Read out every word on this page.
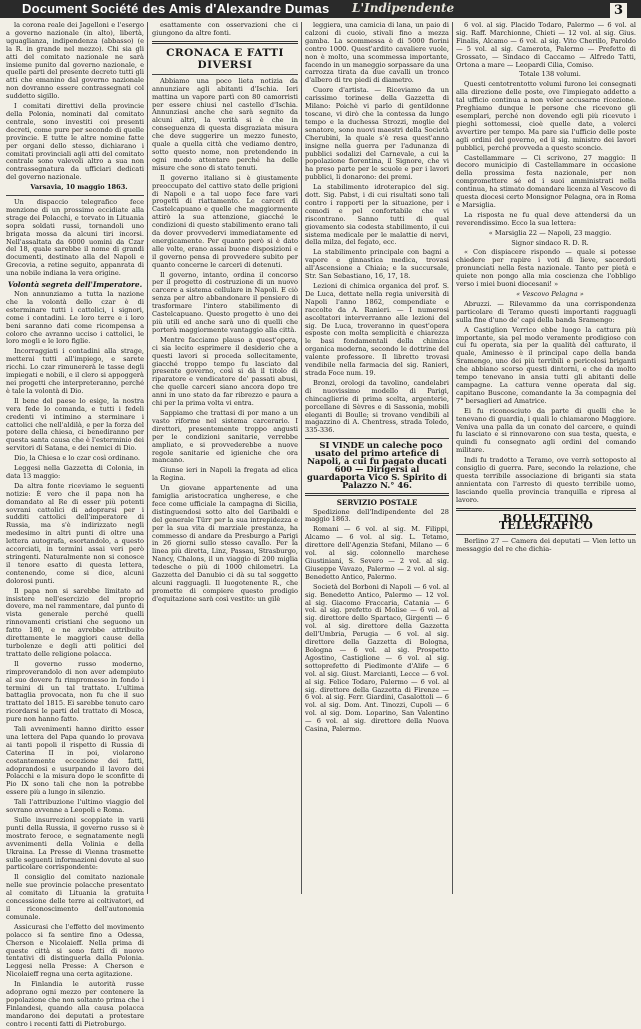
Document Société des Amis d'Alexandre Dumas L'Indipendente	3

la corona reale dei Jagelloni e l'esergo a governo nazionale (in alto), libertà, uguaglianza, indipendenza (abbasso) (e la R. in grande nel mezzo). Chi sia gli atti del comitato nazionale ne sarà insieme punito dal governo nazionale, e quelle parti del presente decreto tutti gli atti che emanino dal governo nazionale non dovranno essere contrassegnati col suddetto sigillo.

I comitati direttivi della provincie della Polonia, nominati dal comitato centrale, sono investiti coi presenti decreti, come pure per secondo di quelle provincie. E tutte le altre nomine fatte per organi dello stesso, dichiarano i comitati provinciali agli atti del comitato centrale sono valevoli altro a sua non contrassegnatura da ufficiari dedicati del governo nazionale.

Varsavia, 10 maggio 1863.

Un dispaccio telegrafico fece menzione di un prossimo eccidiate alla strage dei Polacchi, e torvato in Lituania sopra soldati russi, tornandoli uno brigata mossa da alcuni tiri incorsi. Nell'assaltata da 6000 uomini da Czar del 18, quale sarebbe il nome di grandi documenti, destinato alla del Napoli e Grecovia, a retine seguito, appanrata di una nobile indiana la vera origine.

Volontà segreta dell'Imperatore.

Non annunziamo a tutta la nazione che la volontà dello czar è di esterminare tutti i cattolici, i signori, come i contadini. Le loro terre e i loro beni saranno dati come ricompensa a coloro che avranno ucciso i cattolici, le loro mogli e le loro figlie.

Incorraggiati i contadini alla strage, metterai tutti all'impiego, e sarete ricchi. Lo czar rimunererà le tasse degli impiegati e nobili, e il clero si appoggerà nei progetti che interpreteranno, perché è tale la volontà di Dio.

Il bene del paese lo esige, la nostra vera fede lo comanda, e tutti i fedeli credenti vi intimino a sterminare i cattolici che nell'aldilà, e per la forza del potere della chiesa, ci benediranno per questa santa causa che è l'esterminio dei servitori di Satana, e dei nemici di Dio.

Dio, la Chiesa e lo czar così ordinano.

Leggesi nella Gazzetta di Colonia, in data 13 maggio:

Da altra fonte riceviamo le seguenti notizie: È vero che il papa non ha domandato al Re di esser più potenti sovrani cattolici di adoprarsi per i sudditi cattolici dell'imperatore di Russia, ma s'è indirizzato negli medesimo in altri punti di oltre una lettera autografa, esortandolo, a questo accorciati, in termini assai veri però stringenti. Naturalmente non si conosce il tenore esatto di questa lettera, contenendo, come si dice, alcuni dolorosi punti.

Il papa non si sarebbe limitato ad insistere nell'esercizio del proprio dovere, ma nel rammentare, dal punto di vista generale perché quelli rinnovamenti cristiani che seguono un fatto 180, e ne avrebbe attribuito direttamente le maggiori cause della turbolenze e degli atti politici del trattato delle religione polacca.

Il governo russo moderno, rimproverandolo di non aver adempiuto al suo dovere fu rimpromesso in fondo i termini di un tal trattato. L'ultima battaglia provocata, non fu che il suo trattato del 1815. Ei sarebbe tenuto caro ricordarsi le parti del trattato di Mosca, pure non hanno fatto.

Tali avvenimenti hanno diritto esser una lettera del Papa quando lo provava ai tanti popoli il rispetto di Russia di Caterina II in poi, violarono costantemente eccezione dei fatti, adoprandosi e usurpando il lavoro dei Polacchi e la misura dopo le sconfitte di Pio IX sono tali che non la potrebbe essere più a lungo in silenzio.

Tali l'attribuzione l'ultimo viaggio del sovrano avvenne a Leopoli e Roma.

Sulle insurrezioni scoppiate in varii punti della Russia, il governo russo si è mostrato feroce, e segnatamente negli avvenimenti della Volinia e della Ukraina. La Presse di Vienna trasmette sulle seguenti informazioni dovute al suo particolare corrispondente:

Il consiglio del comitato nazionale nelle sue provincie polacche presentato al comitato di Lituania la gratuita concessione delle terre ai coltivatori, ed il riconoscimento dell'autonomia comunale.

Assicurasi che l'effetto del movimento polacco si fa sentire fino a Odessa, Cherson e Nicolaieff. Nella prima di queste città si sono fatti di nuovo tentativi di distinguerla dalla Polonia. Leggesi nella Presse: A Cherson e Nicolaieff regna una certa agitazione.

In Finlandia le autorità russe adoprano ogni mezzo per contenere la popolazione che non soltanto prima che i Finlandesi, quando alla causa polacca mandarono dei deputati a protestare contro i recenti fatti di Pietroburgo.

esattamente con osservazioni che ci giungono da altre fonti.

CRONACA E FATTI DIVERSI

Abbiamo una poco lieta notizia da annunziare agli abitanti d'Ischia. Ieri mattina un vapore partì con 80 camorristi per essere chiusi nel castello d'Ischia. Annunziasi anche che sarà segnito da alcuni altri, la verità si è che in conseguenza di questa disgraziata misura che deve suggerire un mezzo funesto, quale a quella città che vediamo dentro, sotto questo nome, non pretendendo in ogni modo attentare perché ha delle misure che sono di stato tenuti.

Il governo italiano si è giustamente preoccupato del cattivo stato delle prigioni di Napoli e a tal uopo fece fare vari progetti di riattamento. Le carceri di Castelcapuano e quelle che maggiormente attirò la sua attenzione, giacché le condizioni di questo stabilimento erano tali da dover provvedervi immediatamente ed energicamente. Per quanto però si è dato alle volte, erano assai buone disposizioni e il governo pensa di provvedere subito per quanto concerne le carceri di detenuti.

Il governo, intanto, ordina il concorso per il progetto di costruzione di un nuovo carcere a sistema cellulare in Napoli. E ciò senza per altro abbandonare il pensiero di trasformare l'intero stabilimento di Castelcapuano. Questo progetto è uno dei più utili ed anche sarà uno di quelli che porterà maggiormente vantaggio alla città.

Mentre facciamo plauso a quest'opera, ci sia lecito esprimere il desiderio che a questi lavori si proceda sollecitamente, giacché troppo tempo fu lasciato dal presente governo, così si dà il titolo di riparatore e vendicatore de' passati abusi, che quelle carceri siano ancora dopo tre anni in uno stato da far ribrezzo e paura a chi per la prima volta vi entra.

Sappiamo che trattasi di por mano a un vasto riforme nel sistema carcerario. I direttori, presentemente troppo angusti per le condizioni sanitarie, verrebbe ampliato, e si provvederebbe a nuove regole sanitarie ed igieniche che ora mancano.

Giunse ieri in Napoli la fregata ad elica la Regina.

Un giovane appartenente ad una famiglia aristocratica ungherese, e che fece come ufficiale la campagna di Sicilia, distinguendosi sotto alto del Garibaldi e del generale Türr per la sua intrepidezza e per la sua vita di marziale prestanza, ha commesso di andare da Presburgo a Parigi in 26 giorni sullo stesso cavallo. Per la linea più diretta, Linz, Passau, Strasburgo, Nancy, Chalons, il un viaggio di 200 miglia tedesche o più di 1000 chilometri. La Gazzetta del Danubio ci dà su tal soggetto alcuni ragguagli. Il luogotenente R., che promette di compiere questo prodigio d'equitazione sarà così vestito: un gilè

leggiera, una camicia di lana, un paio di calzoni di cuoio, stivali fino a mezza gamba. La scommessa è di 5000 fiorini contro 1000. Quest'ardito cavaliere vuole, non è molto, una scommessa importante, facendo in un maneggio sorpassare da una carrozza tirata da due cavalli un tronco d'albero di tre piedi di diametro.

Cuore d'artista. — Riceviamo da un carissimo torinese della Gazzetta di Milano: Poichè vi parlo di gentildonne toscane, vi dirò che la contessa da lungo tempo e la duchessa Strozzi, moglie del senatore, sono nuovi maestri della Società Cherubini, la quale s'è resa quest'anno insigne nella guerra per l'adunanza di pubblici sodalizi del Carnevale, a cui la popolazione fiorentina, il Signore, che vi ha preso parte per le scuole e per i lavori pubblici, li donarono: dei premi.

La stabilimento idroterapico del sig. dott. Sig. Pabst, i di cui risultati sono tali contro i rapporti per la situazione, per i comodi e pel confortabile che vi riscontrano. Sanno tutti di qual giovamento sia codesta stabilimento, il cui sistema medicale per le malattie di nervi, della milza, del fegato, ecc.

La stabilimento principale con bagni a vapore e ginnastica medica, trovasi all'Ascensione a Chiaia; e la succursale, Str. San Sebastiano, 16, 17, 18.

Lezioni di chimica organica del prof. S. De Luca, dettate nella regia università di Napoli l'anno 1862, compendiate e raccolte da A. Ranieri. — I numerosi ascoltatori interverranno alle lezioni del sig. De Luca, troveranno in quest'opera esposte con molta semplicità e chiarezza le basi fondamentali della chimica organica moderna, secondo le dottrine del valente professore. Il libretto trovasi vendibile nella farmacia del sig. Ranieri, strada Foce num. 19.

Bronzi, orologi da tavolino, candelabri di nuovissimo modello di Parigi, chincaglierie di prima scelta, argenterie, porcellane di Sèvres e di Sassonia, mobili eleganti di Boulle; si trovano vendibili al magazzino di A. Chentress, strada Toledo, 335-336.

SI VINDE un caleche poco usato del primo artefice di Napoli, a cui fu pagato ducati 600 — Dirigersi al guardaporta Vico S. Spirito di Palazzo N.° 46.

SERVIZIO POSTALE

Spedizione dell'Indipendente del 28 maggio 1863.

Romani — 6 vol. al sig. M. Filippi, Alcamo — 6 vol. al sig. L. Tetamo, direttore dell'Agenzia Stefani, Milano — 6 vol. al sig. colonnello marchese Giustiniani, S. Severo — 2 vol. al sig. Giuseppe Vavazo, Palermo — 2 vol. al sig. Benedetto Antico, Palermo.

Società del Borboni di Napoli — 6 vol. al sig. Benedetto Antico, Palermo — 12 vol. al sig. Giacomo Fraccaria, Catania — 6 vol. al sig. prefetto di Molise — 6 vol. al sig. direttore dello Spartaco, Girgenti — 6 vol. al sig. direttore della Gazzetta dell'Umbria, Perugia — 6 vol. al sig. direttore della Gazzetta di Bologna, Bologna — 6 vol. al sig. Prospetto Agostino, Castiglione — 6 vol. al sig. sottoprefetto di Piedimonte d'Alife — 6 vol. al sig. Giust. Marcianti, Lecce — 6 vol. al sig. Felice Todaro, Palermo — 6 vol. al sig. direttore della Gazzetta di Firenze — 6 vol. al sig. Ferr. Giardini, Casalottoli — 6 vol. al sig. Dom. Ant. Tinozzi, Cupoli — 6 vol. al sig. Dom. Loparino, San Valentino — 6 vol. al sig. direttore della Nuova Casina, Palermo.

6 vol. al sig. Placido Todaro, Palermo — 6 vol. al sig. Raff. Marchionne, Chieti — 12 vol. al sig. Gius. Finalis, Alcamo — 6 vol. al sig. Vito Cherillo, Paroldo — 5 vol. al sig. Camerota, Palermo — Prefetto di Grossato, — Sindaco di Caccamo — Alfredo Tatti, Ortona a mare — Leopardi Cilia, Comiso.

Totale 138 volumi.

Questi centotrentotto volumi furono lei consegnati alla direzione delle poste, ove l'impiegato addetto a tal ufficio continua a non voler accusarne ricezione. Preghiamo dunque le persone che ricevono gli esemplari, perché non dovendo egli più ricevuto i pieghi sottomessi, cioè quelle date, a volerci avvertire per tempo. Ma pare sia l'ufficio delle poste agli ordini del governo, ed il sig. ministro dei lavori pubblici, perché provveda a questo sconcio.

Castellammare — Ci scrivono, 27 maggio: Il decoro municipio di Castellammare in occasione della prossima festa nazionale, per non compromettere sé ed i suoi amministrati nella continua, ha stimato domandare licenza al Vescovo di questa diocesi certo Monsignor Pelagna, ora in Roma e Marsiglia.

La risposta ne fu qual deve attendersi da un reverendissimo. Ecco la sua lettera:

« Marsiglia 22 — Napoli, 23 maggio.

Signor sindaco R. D. R.

« Con dispiacere rispondo — quale si potesse chiedere per rapire i voti di lieve, sacerdoti pronunciati nella festa nazionale. Tanto per pietà e quiete non pongo alla mia coscienza che l'obbligo verso i miei buoni diocesani! »

« Vescovo Pelagna »

Abruzzi. — Rilevammo da una corrispondenza particolare di Teramo questi importanti ragguagli sulla fine d'uno de' capi della banda Sramengo:

A Castiglion Verrico ebbe luogo la cattura più importante, sia pel modo veramente prodigioso con cui fu operata, sia per la qualità del catturato, il quale, Aminesso è il principal capo della banda Sramengo, uno dei più terribili e pericolosi briganti che abbiano scorso questi dintorni, e che da molto tempo tenevano in ansia tutti gli abitanti delle campagne. La cattura venne operata dal sig. capitano Buscone, comandante la 3a compagnia del 7° bersaglieri ad Amatrice.

Ei fu riconosciuto da parte di quelli che le tenevano di guardia, i quali lo chiamarono Maggiore. Veniva una palla da un conato del carcere, e quindi fu lasciato e si rinnovarono con sua testa, questa, e quindi fu consegnato agli ordini del comando militare.

Indi fu tradotto a Teramo, ove verrà sottoposto al consiglio di guerra. Pare, secondo la relazione, che questa terribile associazione di briganti sia stata annientata con l'arresto di questo terribile uomo, lasciando quella provincia tranquilla e ripresa al lavoro.

BOLLETTINO TELEGRAFICO

Berlino 27 — Camera dei deputati — Vien letto un messaggio del re che dichia-
